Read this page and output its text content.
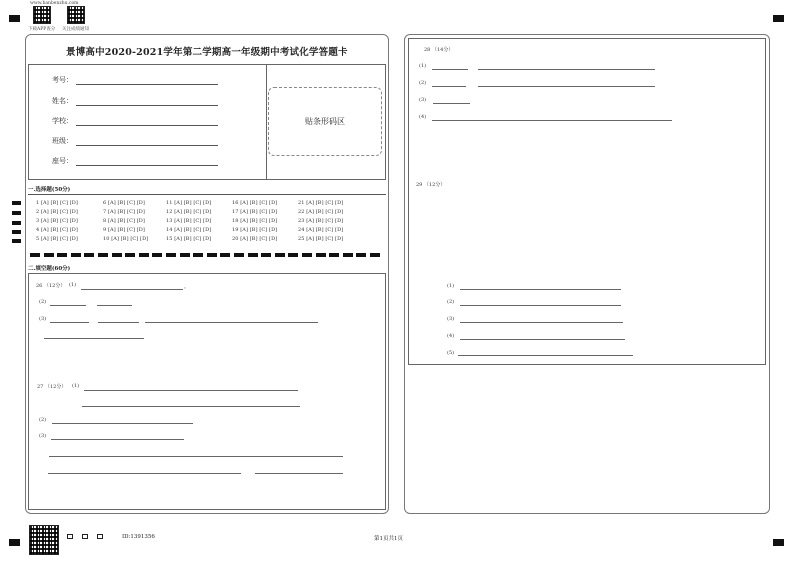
www.banbenzhu.com
下载APP查分 关注成绩通知
景博高中2020-2021学年第二学期高一年级期中考试化学答题卡
考号：
姓名：
学校：
班级：
座号：
贴条形码区
一.选择题(50分)
1 [A] [B] [C] [D]	6 [A] [B] [C] [D]	11 [A] [B] [C] [D]	16 [A] [B] [C] [D]	21 [A] [B] [C] [D]
2 [A] [B] [C] [D]	7 [A] [B] [C] [D]	12 [A] [B] [C] [D]	17 [A] [B] [C] [D]	22 [A] [B] [C] [D]
3 [A] [B] [C] [D]	8 [A] [B] [C] [D]	13 [A] [B] [C] [D]	18 [A] [B] [C] [D]	23 [A] [B] [C] [D]
4 [A] [B] [C] [D]	9 [A] [B] [C] [D]	14 [A] [B] [C] [D]	19 [A] [B] [C] [D]	24 [A] [B] [C] [D]
5 [A] [B] [C] [D]	10 [A] [B] [C] [D]	15 [A] [B] [C] [D]	20 [A] [B] [C] [D]	25 [A] [B] [C] [D]
二.填空题(60分)
26 （12分） (1)	。
(2)
(3)
27 （12分） (1)
(2)
(3)
28 （14分）
(1)
(2)
(3)
(4)
29 （12分）
(1)
(2)
(3)
(4)
(5)
ID:1391356	第1页共1页
